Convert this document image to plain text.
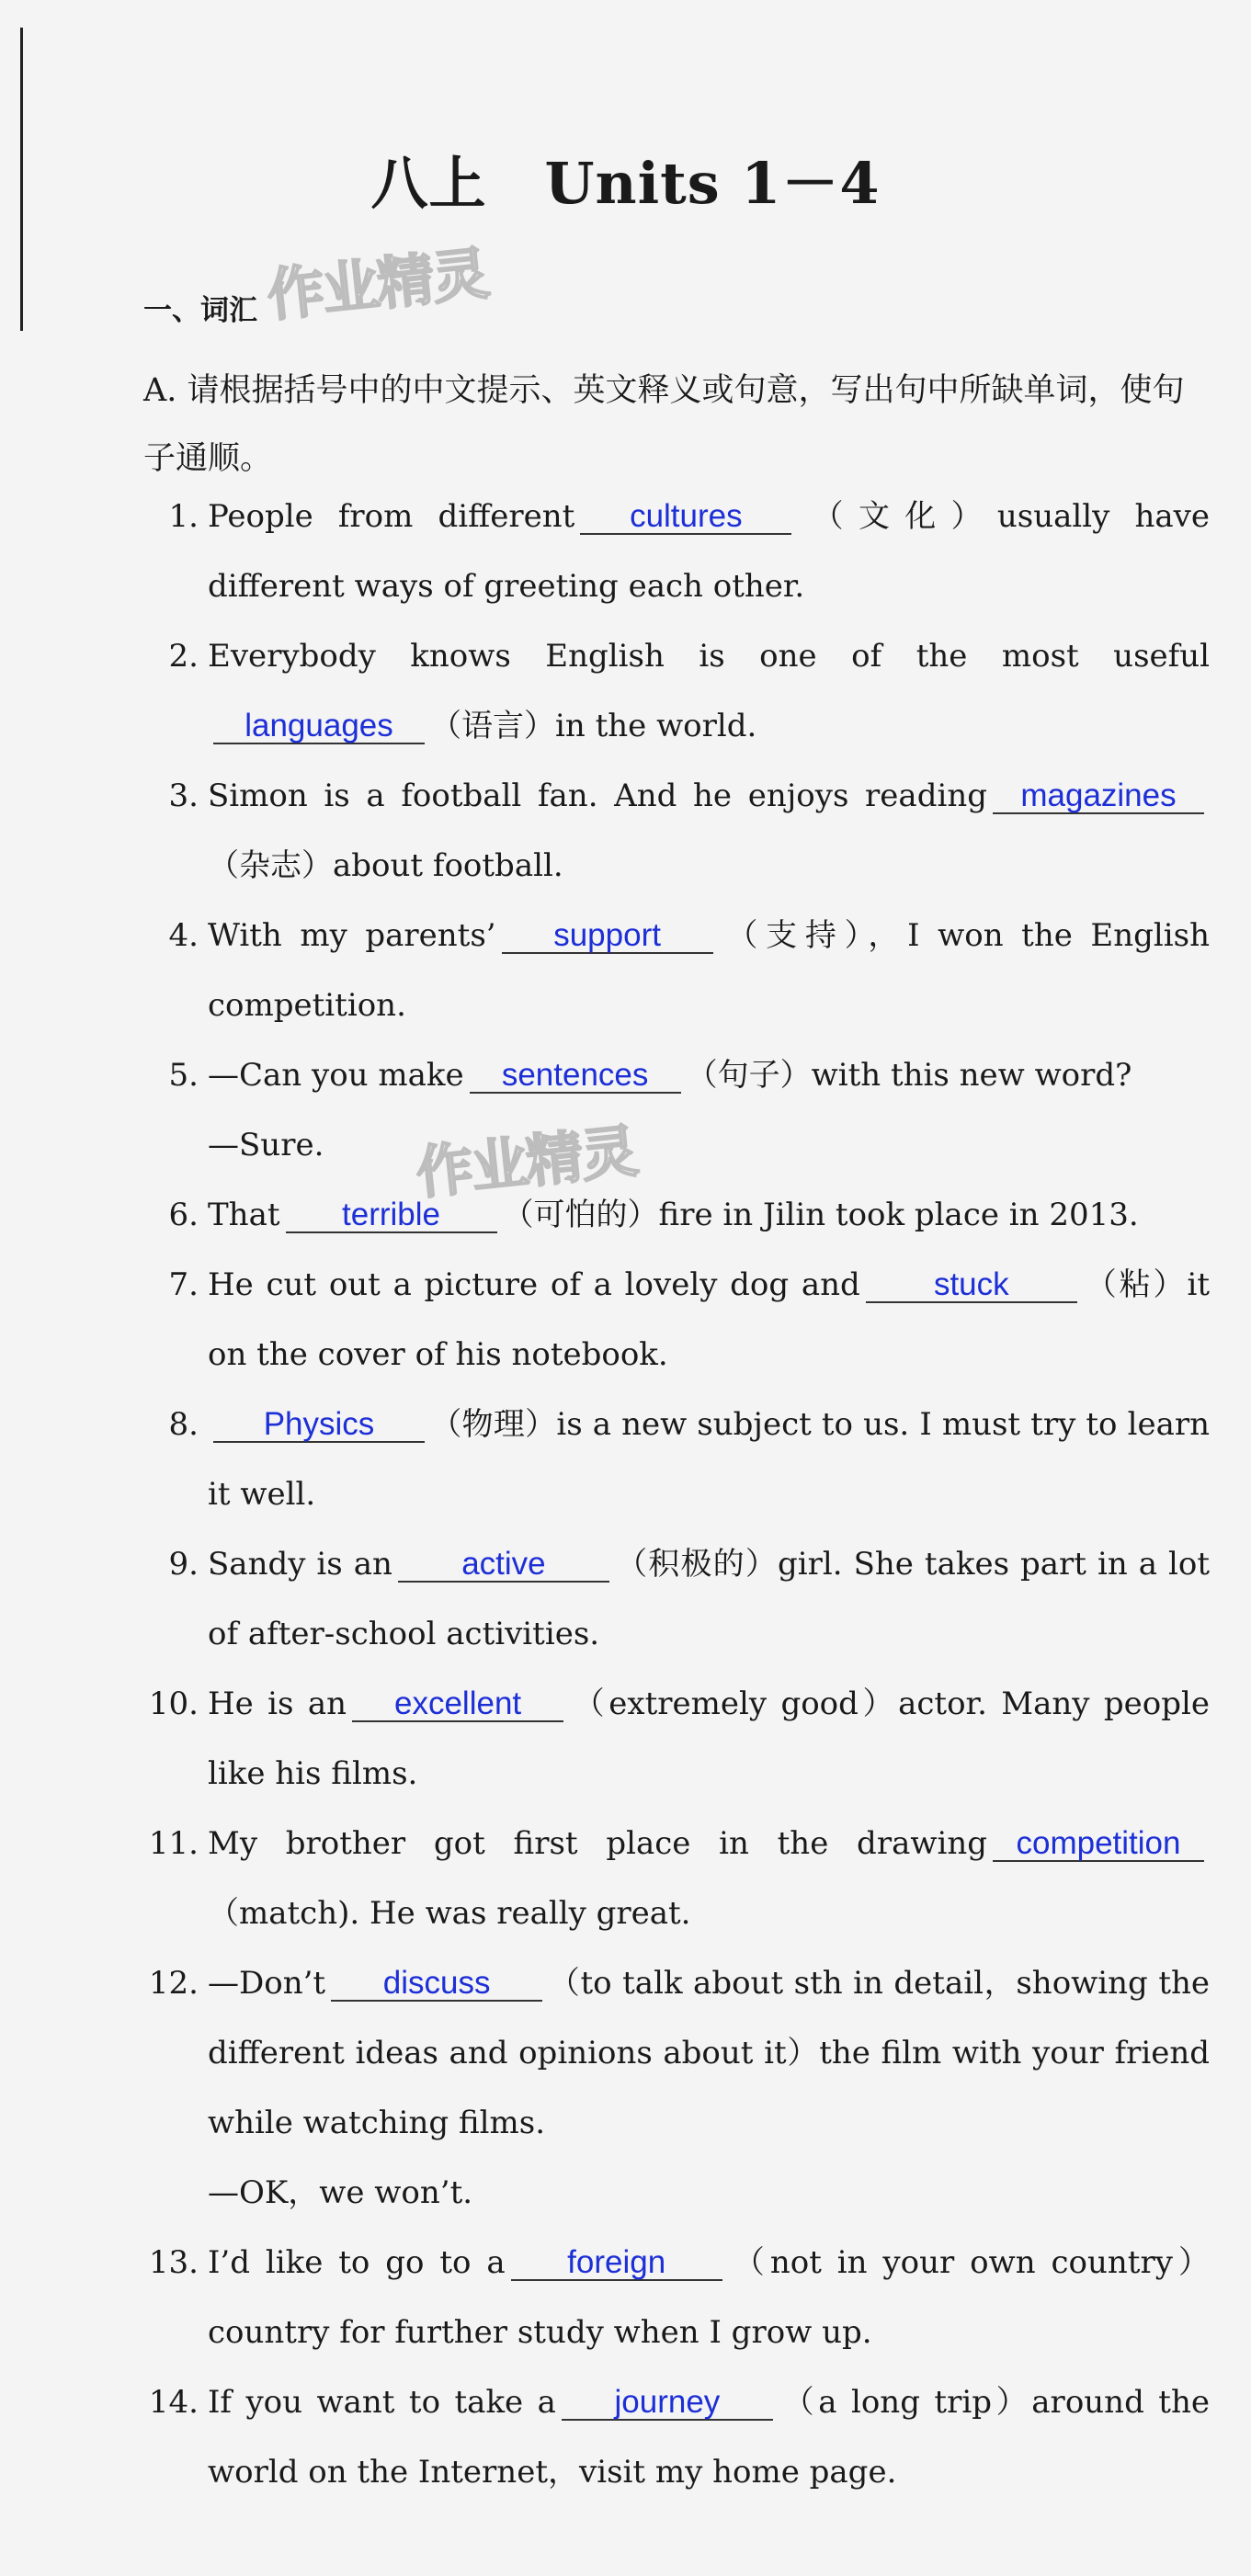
八上　Units 1－4
作业精灵
作业精灵
一、词汇
A. 请根据括号中的中文提示、英文释义或句意，写出句中所缺单词，使句子通顺。
1. People from different cultures （文化）usually have different ways of greeting each other.
2. Everybody knows English is one of the most usefullanguages （语言）in the world.
3. Simon is a football fan. And he enjoys reading magazines（杂志）about football.
4. With my parents’ support （支持），I won the English competition.
5. —Can you make sentences （句子）with this new word?
—Sure.
6. That terrible （可怕的）fire in Jilin took place in 2013.
7. He cut out a picture of a lovely dog and stuck （粘）it on the cover of his notebook.
8.	Physics （物理）is a new subject to us. I must try to learn it well.
9. Sandy is an active （积极的）girl. She takes part in a lot of after-school activities.
10. He is an excellent （extremely good）actor. Many people like his films.
11. My brother got first place in the drawing competition（match). He was really great.
12. —Don’t discuss （to talk about sth in detail，showing the different ideas and opinions about it）the film with your friend while watching films.
—OK，we won’t.
13. I’d like to go to a foreign （not in your own country）country for further study when I grow up.
14. If you want to take a journey （a long trip）around the world on the Internet，visit my home page.
